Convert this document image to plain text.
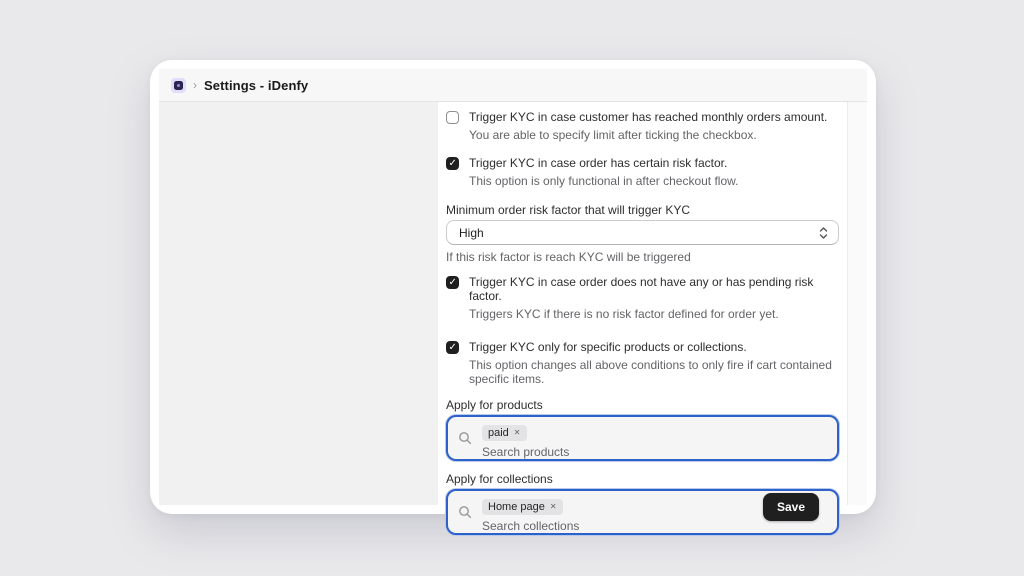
› Settings - iDenfy
Trigger KYC in case customer has reached monthly orders amount.
You are able to specify limit after ticking the checkbox.
✓
Trigger KYC in case order has certain risk factor.
This option is only functional in after checkout flow.
Minimum order risk factor that will trigger KYC
High
If this risk factor is reach KYC will be triggered
✓
Trigger KYC in case order does not have any or has pending risk factor.
Triggers KYC if there is no risk factor defined for order yet.
✓
Trigger KYC only for specific products or collections.
This option changes all above conditions to only fire if cart contained specific items.
Apply for products
paid ✕
Search products
Apply for collections
Home page ✕
Search collections
Save
